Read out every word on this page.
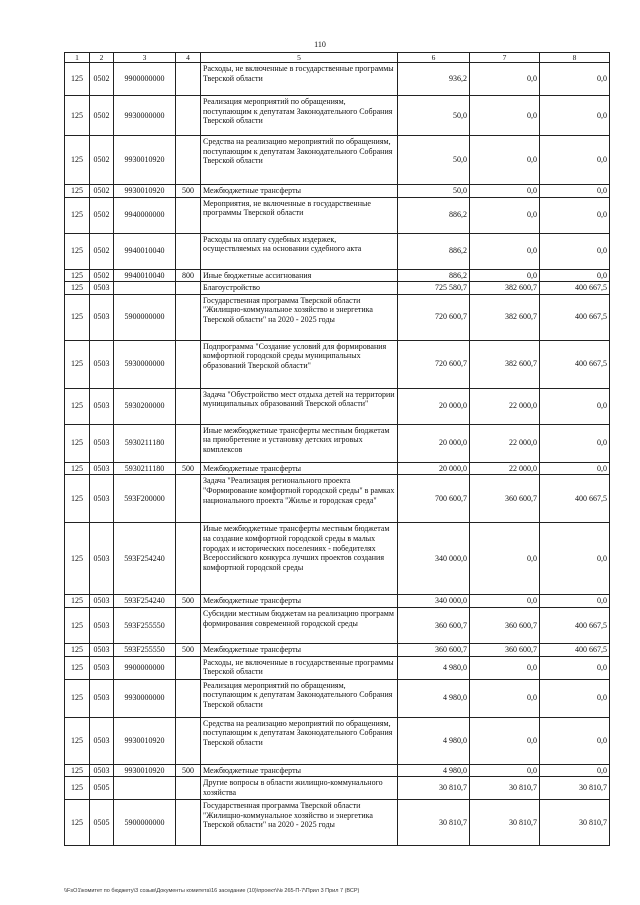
110
1	2	3	4	5	6	7	8
125	0502	9900000000		Расходы, не включенные в государственные программы Тверской области	936,2	0,0	0,0
125	0502	9930000000		Реализация мероприятий по обращениям, поступающим к депутатам Законодательного Собрания Тверской области	50,0	0,0	0,0
125	0502	9930010920		Средства на реализацию мероприятий по обращениям, поступающим к депутатам Законодательного Собрания Тверской области	50,0	0,0	0,0
125	0502	9930010920	500	Межбюджетные трансферты	50,0	0,0	0,0
125	0502	9940000000		Мероприятия, не включенные в государственные программы Тверской области	886,2	0,0	0,0
125	0502	9940010040		Расходы на оплату судебных издержек, осуществляемых на основании судебного акта	886,2	0,0	0,0
125	0502	9940010040	800	Иные бюджетные ассигнования	886,2	0,0	0,0
125	0503			Благоустройство	725 580,7	382 600,7	400 667,5
125	0503	5900000000		Государственная программа Тверской области "Жилищно-коммунальное хозяйство и энергетика Тверской области" на 2020 - 2025 годы	720 600,7	382 600,7	400 667,5
125	0503	5930000000		Подпрограмма "Создание условий для формирования комфортной городской среды муниципальных образований Тверской области"	720 600,7	382 600,7	400 667,5
125	0503	5930200000		Задача "Обустройство мест отдыха детей на территории муниципальных образований Тверской области"	20 000,0	22 000,0	0,0
125	0503	5930211180		Иные межбюджетные трансферты местным бюджетам на приобретение и установку детских игровых комплексов	20 000,0	22 000,0	0,0
125	0503	5930211180	500	Межбюджетные трансферты	20 000,0	22 000,0	0,0
125	0503	593F200000		Задача "Реализация регионального проекта "Формирование комфортной городской среды" в рамках национального проекта "Жилье и городская среда"	700 600,7	360 600,7	400 667,5
125	0503	593F254240		Иные межбюджетные трансферты местным бюджетам на создание комфортной городской среды в малых городах и исторических поселениях - победителях Всероссийского конкурса лучших проектов создания комфортной городской среды	340 000,0	0,0	0,0
125	0503	593F254240	500	Межбюджетные трансферты	340 000,0	0,0	0,0
125	0503	593F255550		Субсидии местным бюджетам на реализацию программ формирования современной городской среды	360 600,7	360 600,7	400 667,5
125	0503	593F255550	500	Межбюджетные трансферты	360 600,7	360 600,7	400 667,5
125	0503	9900000000		Расходы, не включенные в государственные программы Тверской области	4 980,0	0,0	0,0
125	0503	9930000000		Реализация мероприятий по обращениям, поступающим к депутатам Законодательного Собрания Тверской области	4 980,0	0,0	0,0
125	0503	9930010920		Средства на реализацию мероприятий по обращениям, поступающим к депутатам Законодательного Собрания Тверской области	4 980,0	0,0	0,0
125	0503	9930010920	500	Межбюджетные трансферты	4 980,0	0,0	0,0
125	0505			Другие вопросы в области жилищно-коммунального хозяйства	30 810,7	30 810,7	30 810,7
125	0505	5900000000		Государственная программа Тверской области "Жилищно-коммунальное хозяйство и энергетика Тверской области" на 2020 - 2025 годы	30 810,7	30 810,7	30 810,7
\\FsO1\комитет по бюджету\3 созыв\Документы комитета\16 заседание (10)\проект\№ 265-П-7\Прил 3 Прил 7 (ВСР)
